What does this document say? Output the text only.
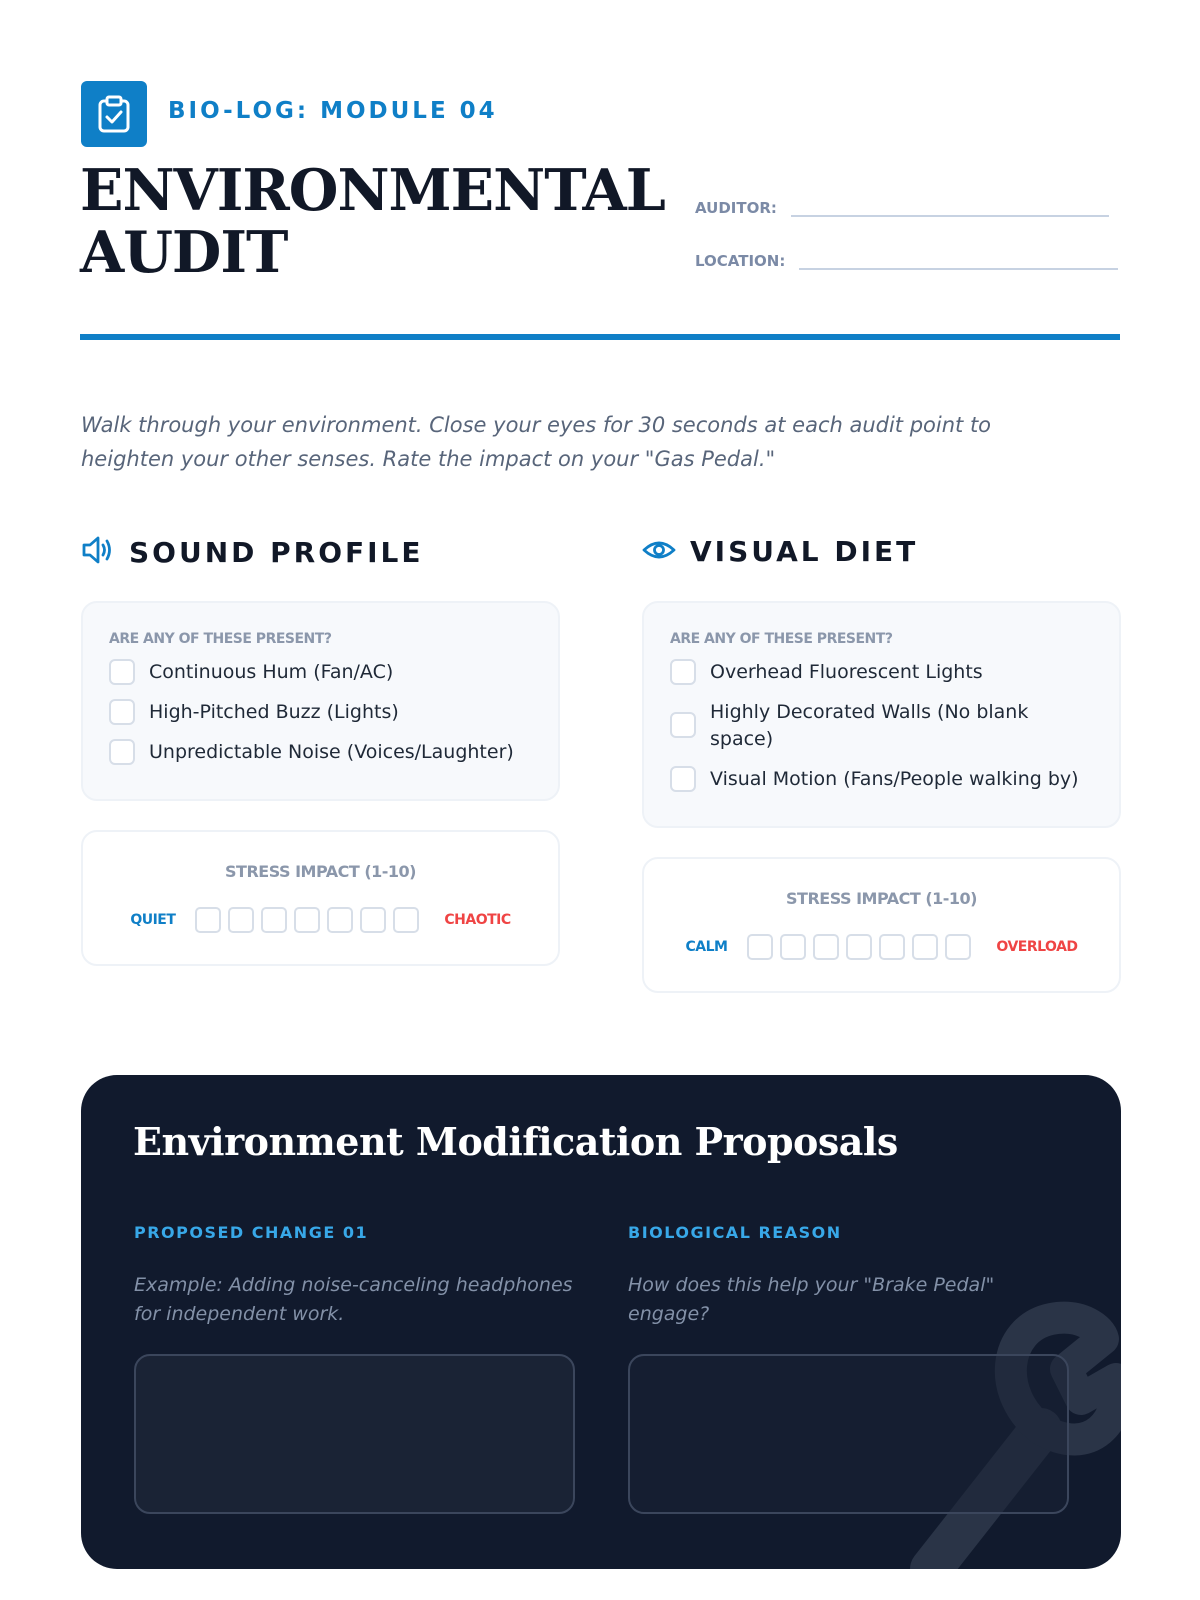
BIO-LOG: MODULE 04
ENVIRONMENTAL
AUDIT
AUDITOR:
LOCATION:

Walk through your environment. Close your eyes for 30 seconds at each audit point to heighten your other senses. Rate the impact on your "Gas Pedal."

SOUND PROFILE
ARE ANY OF THESE PRESENT?
Continuous Hum (Fan/AC)
High-Pitched Buzz (Lights)
Unpredictable Noise (Voices/Laughter)
STRESS IMPACT (1-10)
QUIET	CHAOTIC
VISUAL DIET
ARE ANY OF THESE PRESENT?
Overhead Fluorescent Lights
Highly Decorated Walls (No blank space)
Visual Motion (Fans/People walking by)
STRESS IMPACT (1-10)
CALM	OVERLOAD
Environment Modification Proposals
PROPOSED CHANGE 01
Example: Adding noise-canceling headphones for independent work.
BIOLOGICAL REASON
How does this help your "Brake Pedal" engage?
